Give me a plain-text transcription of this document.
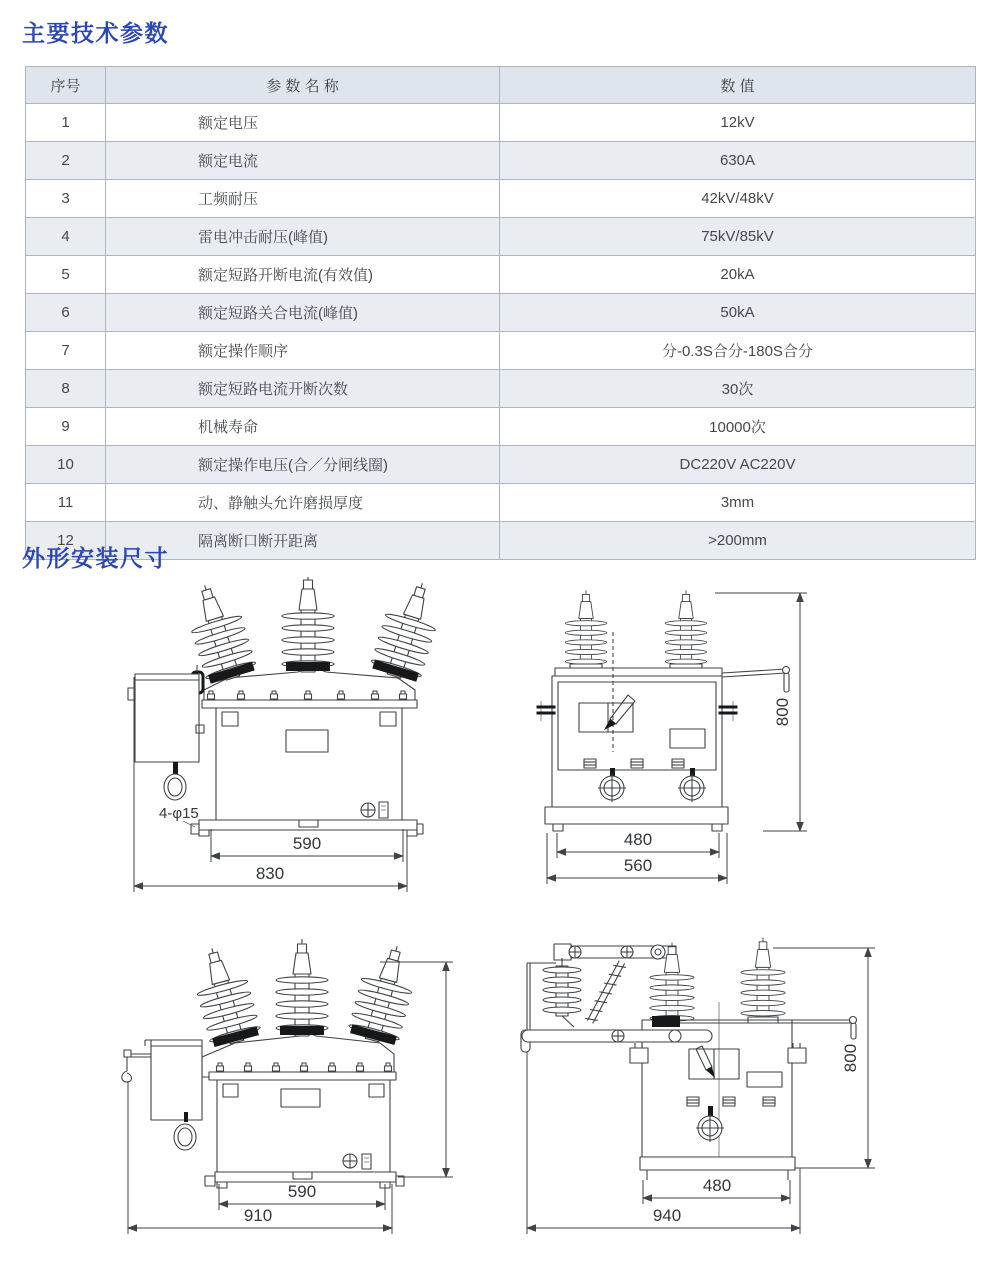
主要技术参数
序号	参 数 名 称	数 值
1	额定电压	12kV
2	额定电流	630A
3	工频耐压	42kV/48kV
4	雷电冲击耐压(峰值)	75kV/85kV
5	额定短路开断电流(有效值)	20kA
6	额定短路关合电流(峰值)	50kA
7	额定操作顺序	分-0.3S合分-180S合分
8	额定短路电流开断次数	30次
9	机械寿命	10000次
10	额定操作电压(合／分闸线圈)	DC220V AC220V
11	动、静触头允许磨损厚度	3mm
12	隔离断口断开距离	>200mm
外形安装尺寸
590
830
4-φ15
800
480
560
590
910
800
480
940
